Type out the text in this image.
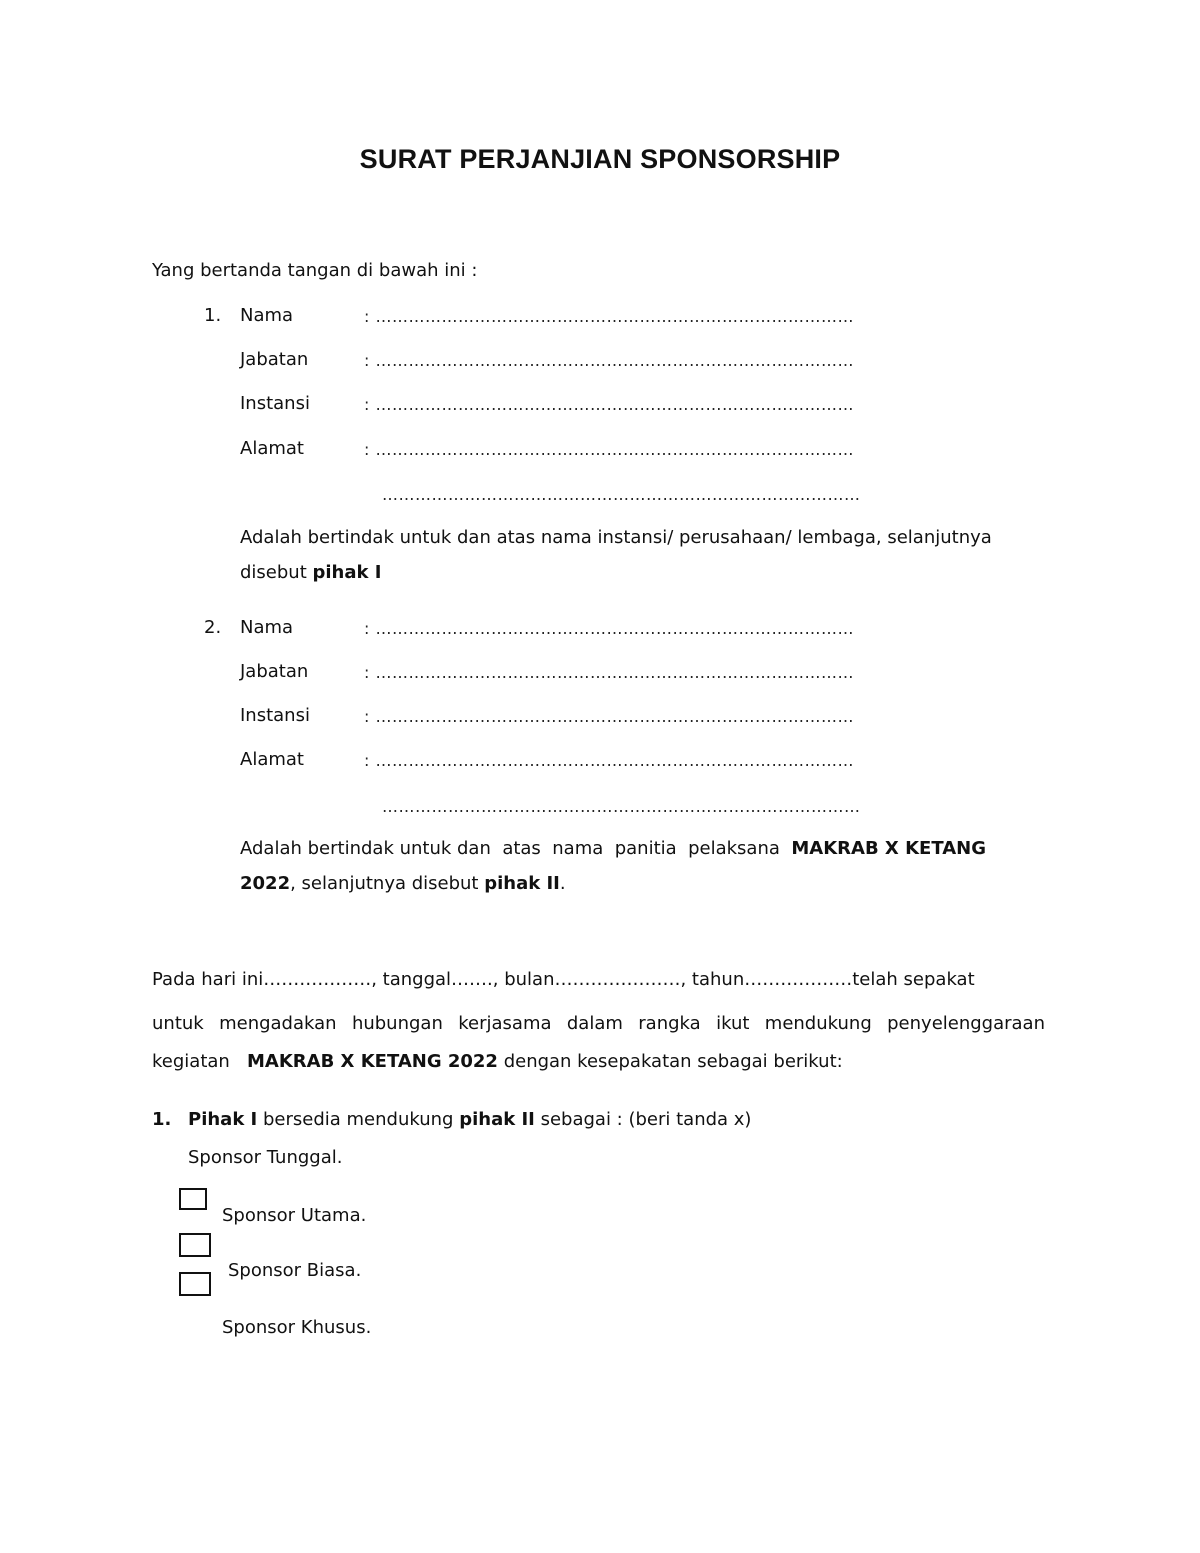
SURAT PERJANJIAN SPONSORSHIP
Yang bertanda tangan di bawah ini :
1. Nama	: ……………………………………………………………………………
Jabatan	: ……………………………………………………………………………
Instansi	: ……………………………………………………………………………
Alamat	: ……………………………………………………………………………
……………………………………………………………………………
Adalah bertindak untuk dan atas nama instansi/ perusahaan/ lembaga, selanjutnya
disebut pihak I
2. Nama	: ……………………………………………………………………………
Jabatan	: ……………………………………………………………………………
Instansi	: ……………………………………………………………………………
Alamat	: ……………………………………………………………………………
……………………………………………………………………………
Adalah bertindak untuk dan  atas  nama  panitia  pelaksana  MAKRAB X KETANG
2022, selanjutnya disebut pihak II.
Pada hari ini………………, tanggal……., bulan…………………, tahun………………telah sepakat
untuk mengadakan hubungan kerjasama dalam rangka ikut mendukung penyelenggaraan
kegiatan   MAKRAB X KETANG 2022 dengan kesepakatan sebagai berikut:
1. Pihak I bersedia mendukung pihak II sebagai : (beri tanda x)
Sponsor Tunggal.
Sponsor Utama.
Sponsor Biasa.
Sponsor Khusus.
